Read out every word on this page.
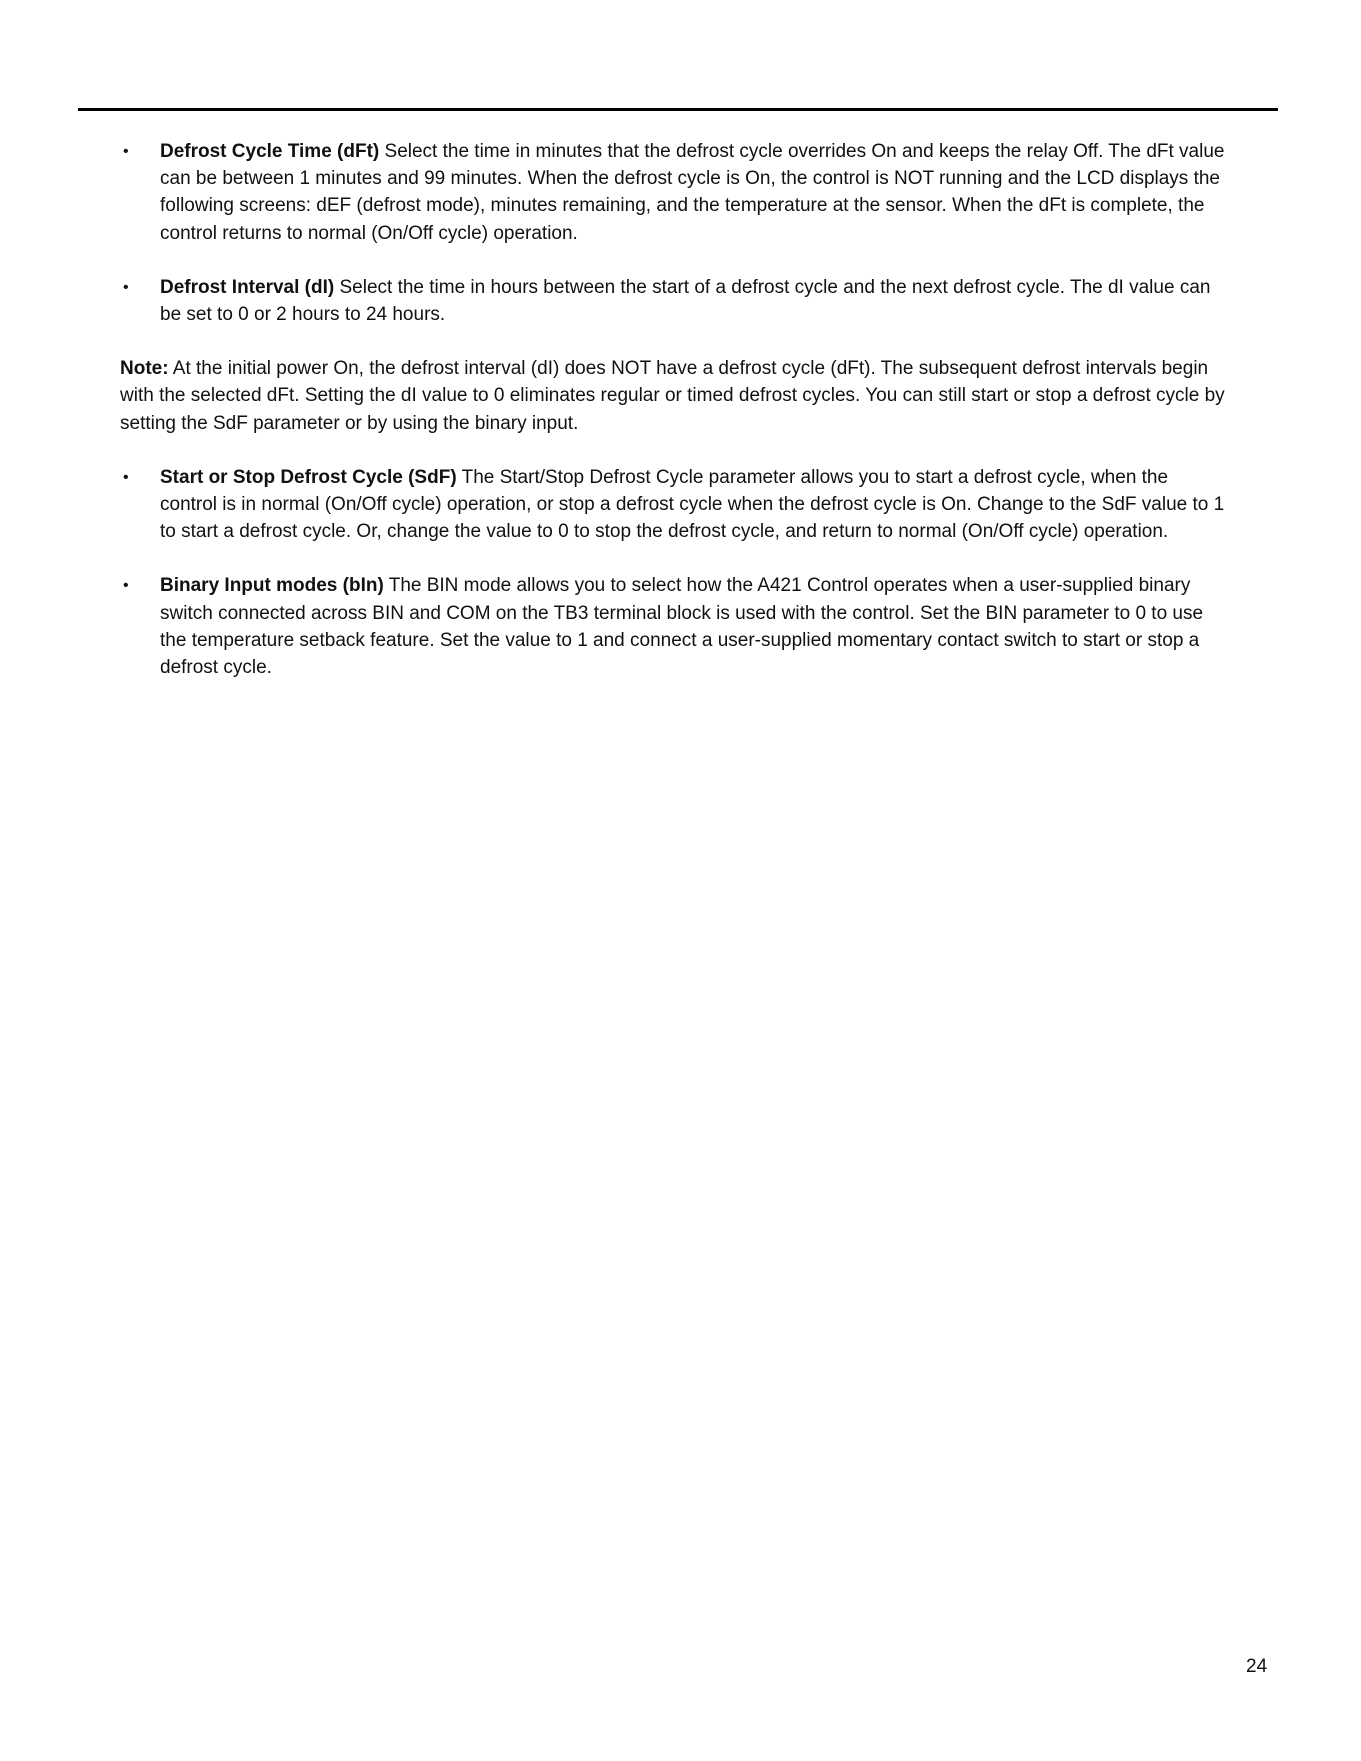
• Defrost Cycle Time (dFt) Select the time in minutes that the defrost cycle overrides On and keeps the relay Off. The dFt value can be between 1 minutes and 99 minutes. When the defrost cycle is On, the control is NOT running and the LCD displays the following screens: dEF (defrost mode), minutes remaining, and the temperature at the sensor. When the dFt is complete, the control returns to normal (On/Off cycle) operation.
• Defrost Interval (dI) Select the time in hours between the start of a defrost cycle and the next defrost cycle. The dI value can be set to 0 or 2 hours to 24 hours.
Note: At the initial power On, the defrost interval (dI) does NOT have a defrost cycle (dFt). The subsequent defrost intervals begin with the selected dFt. Setting the dI value to 0 eliminates regular or timed defrost cycles. You can still start or stop a defrost cycle by setting the SdF parameter or by using the binary input.
• Start or Stop Defrost Cycle (SdF) The Start/Stop Defrost Cycle parameter allows you to start a defrost cycle, when the control is in normal (On/Off cycle) operation, or stop a defrost cycle when the defrost cycle is On. Change to the SdF value to 1 to start a defrost cycle. Or, change the value to 0 to stop the defrost cycle, and return to normal (On/Off cycle) operation.
• Binary Input modes (bIn) The BIN mode allows you to select how the A421 Control operates when a user-supplied binary switch connected across BIN and COM on the TB3 terminal block is used with the control. Set the BIN parameter to 0 to use the temperature setback feature. Set the value to 1 and connect a user-supplied momentary contact switch to start or stop a defrost cycle.
24
